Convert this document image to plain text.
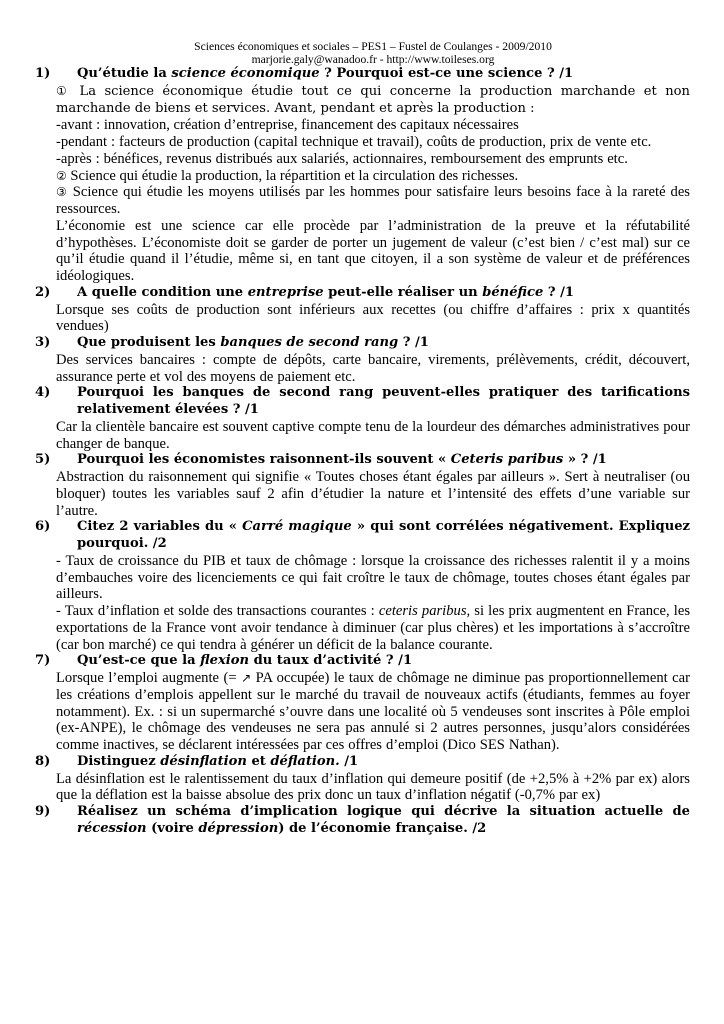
Sciences économiques et sociales – PES1 – Fustel de Coulanges - 2009/2010
marjorie.galy@wanadoo.fr - http://www.toileses.org

1) Qu’étudie la science économique ? Pourquoi est-ce une science ? /1

① La science économique étudie tout ce qui concerne la production marchande et non marchande de biens et services. Avant, pendant et après la production :

-avant : innovation, création d’entreprise, financement des capitaux nécessaires

-pendant : facteurs de production (capital technique et travail), coûts de production, prix de vente etc.

-après : bénéfices, revenus distribués aux salariés, actionnaires, remboursement des emprunts etc.

② Science qui étudie la production, la répartition et la circulation des richesses.

③ Science qui étudie les moyens utilisés par les hommes pour satisfaire leurs besoins face à la rareté des ressources.

L’économie est une science car elle procède par l’administration de la preuve et la réfutabilité d’hypothèses. L’économiste doit se garder de porter un jugement de valeur (c’est bien / c’est mal) sur ce qu’il étudie quand il l’étudie, même si, en tant que citoyen, il a son système de valeur et de préférences idéologiques.

2) A quelle condition une entreprise peut-elle réaliser un bénéfice ? /1

Lorsque ses coûts de production sont inférieurs aux recettes (ou chiffre d’affaires : prix x quantités vendues)

3) Que produisent les banques de second rang ? /1

Des services bancaires : compte de dépôts, carte bancaire, virements, prélèvements, crédit, découvert, assurance perte et vol des moyens de paiement etc.

4) Pourquoi les banques de second rang peuvent-elles pratiquer des tarifications relativement élevées ? /1

Car la clientèle bancaire est souvent captive compte tenu de la lourdeur des démarches administratives pour changer de banque.

5) Pourquoi les économistes raisonnent-ils souvent « Ceteris paribus » ? /1

Abstraction du raisonnement qui signifie « Toutes choses étant égales par ailleurs ». Sert à neutraliser (ou bloquer) toutes les variables sauf 2 afin d’étudier la nature et l’intensité des effets d’une variable sur l’autre.

6) Citez 2 variables du « Carré magique » qui sont corrélées négativement. Expliquez pourquoi. /2

- Taux de croissance du PIB et taux de chômage : lorsque la croissance des richesses ralentit il y a moins d’embauches voire des licenciements ce qui fait croître le taux de chômage, toutes choses étant égales par ailleurs.

- Taux d’inflation et solde des transactions courantes : ceteris paribus, si les prix augmentent en France, les exportations de la France vont avoir tendance à diminuer (car plus chères) et les importations à s’accroître (car bon marché) ce qui tendra à générer un déficit de la balance courante.

7) Qu’est-ce que la flexion du taux d’activité ? /1

Lorsque l’emploi augmente (= ↗ PA occupée) le taux de chômage ne diminue pas proportionnellement car les créations d’emplois appellent sur le marché du travail de nouveaux actifs (étudiants, femmes au foyer notamment). Ex. : si un supermarché s’ouvre dans une localité où 5 vendeuses sont inscrites à Pôle emploi (ex-ANPE), le chômage des vendeuses ne sera pas annulé si 2 autres personnes, jusqu’alors considérées comme inactives, se déclarent intéressées par ces offres d’emploi (Dico SES Nathan).

8) Distinguez désinflation et déflation. /1

La désinflation est le ralentissement du taux d’inflation qui demeure positif (de +2,5% à +2% par ex) alors que la déflation est la baisse absolue des prix donc un taux d’inflation négatif (-0,7% par ex)

9) Réalisez un schéma d’implication logique qui décrive la situation actuelle de récession (voire dépression) de l’économie française. /2
